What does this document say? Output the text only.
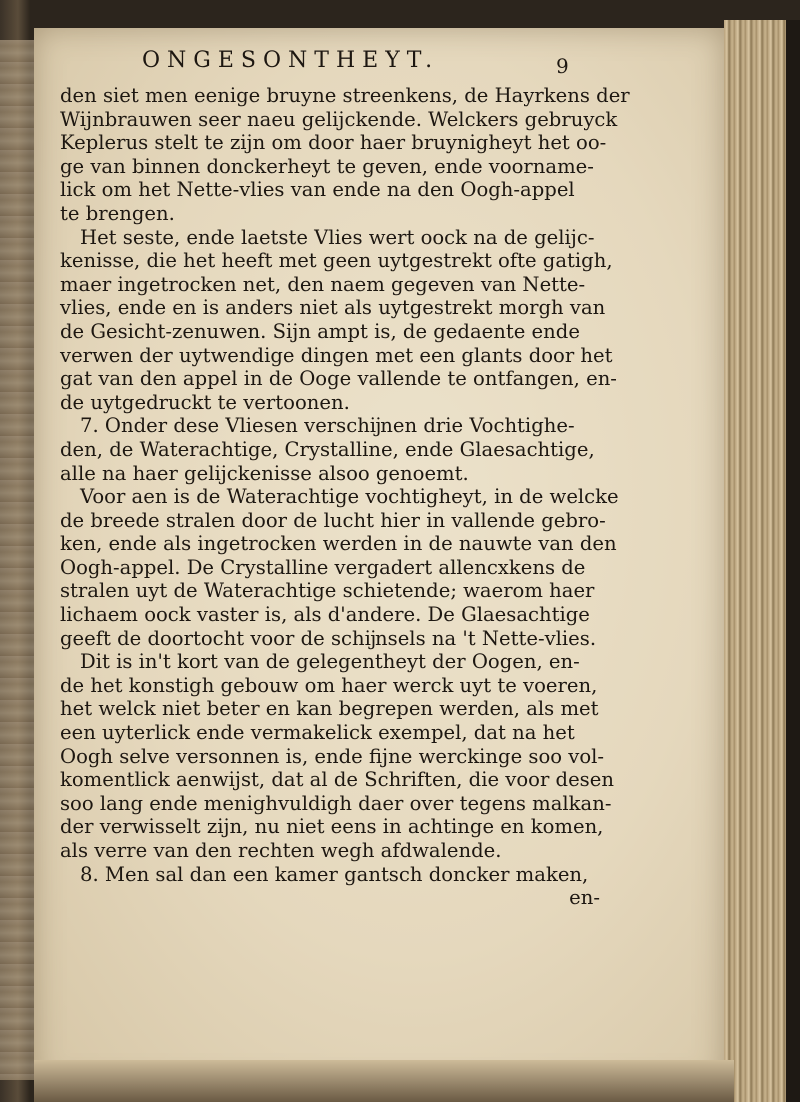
ONGESONTHEYT.	9
den siet men eenige bruyne streenkens, de Hayrkens der
Wijnbrauwen seer naeu gelijckende. Welckers gebruyck
Keplerus stelt te zijn om door haer bruynigheyt het oo-
ge van binnen donckerheyt te geven, ende voorname-
lick om het Nette-vlies van ende na den Oogh-appel
te brengen.
Het seste, ende laetste Vlies wert oock na de gelijc-
kenisse, die het heeft met geen uytgestrekt ofte gatigh,
maer ingetrocken net, den naem gegeven van Nette-
vlies, ende en is anders niet als uytgestrekt morgh van
de Gesicht-zenuwen. Sijn ampt is, de gedaente ende
verwen der uytwendige dingen met een glants door het
gat van den appel in de Ooge vallende te ontfangen, en-
de uytgedruckt te vertoonen.
7. Onder dese Vliesen verschĳnen drie Vochtighe-
den, de Waterachtige, Crystalline, ende Glaesachtige,
alle na haer gelijckenisse alsoo genoemt.
Voor aen is de Waterachtige vochtigheyt, in de welcke
de breede stralen door de lucht hier in vallende gebro-
ken, ende als ingetrocken werden in de nauwte van den
Oogh-appel. De Crystalline vergadert allencxkens de
stralen uyt de Waterachtige schietende; waerom haer
lichaem oock vaster is, als d'andere. De Glaesachtige
geeft de doortocht voor de schĳnsels na 't Nette-vlies.
Dit is in't kort van de gelegentheyt der Oogen, en-
de het konstigh gebouw om haer werck uyt te voeren,
het welck niet beter en kan begrepen werden, als met
een uyterlick ende vermakelick exempel, dat na het
Oogh selve versonnen is, ende fijne werckinge soo vol-
komentlick aenwijst, dat al de Schriften, die voor desen
soo lang ende menighvuldigh daer over tegens malkan-
der verwisselt zijn, nu niet eens in achtinge en komen,
als verre van den rechten wegh afdwalende.
8. Men sal dan een kamer gantsch doncker maken,
en-
